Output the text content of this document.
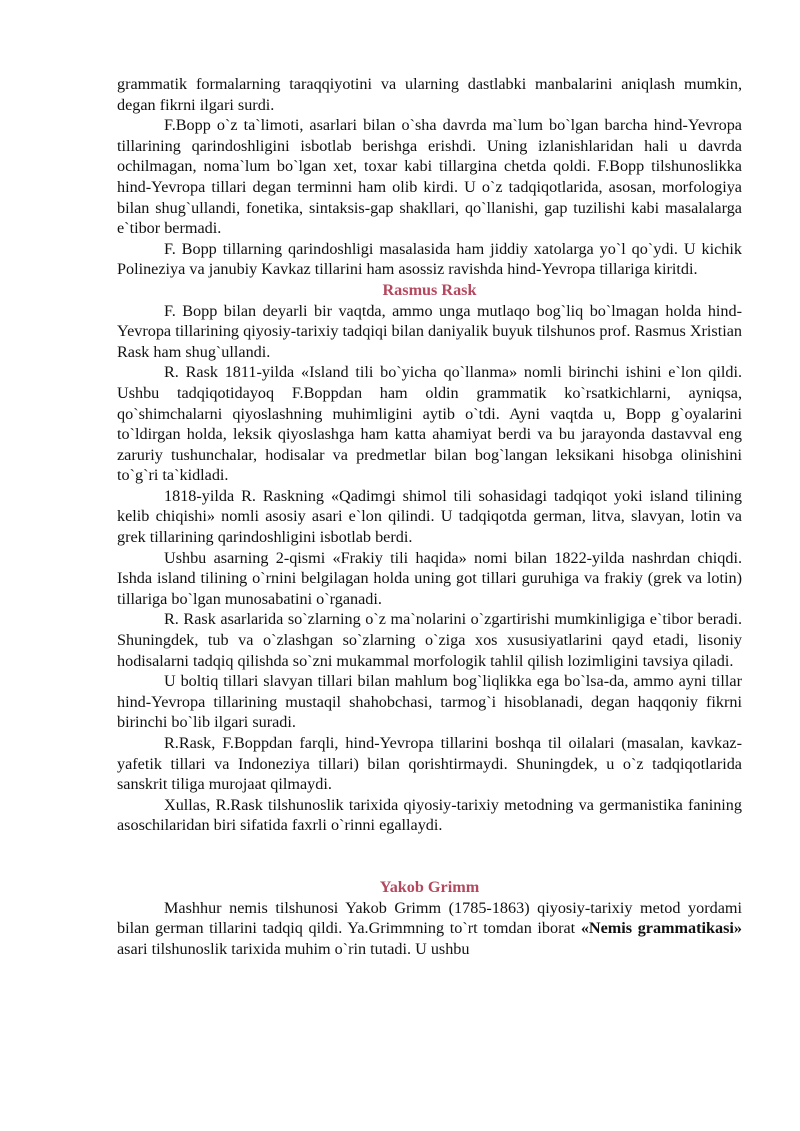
grammatik formalarning taraqqiyotini va ularning dastlabki manbalarini aniqlash mumkin, degan fikrni ilgari surdi.

F.Bopp o`z ta`limoti, asarlari bilan o`sha davrda ma`lum bo`lgan barcha hind-Yevropa tillarining qarindoshligini isbotlab berishga erishdi. Uning izlanishlaridan hali u davrda ochilmagan, noma`lum bo`lgan xet, toxar kabi tillargina chetda qoldi. F.Bopp tilshunoslikka hind-Yevropa tillari degan terminni ham olib kirdi. U o`z tadqiqotlarida, asosan, morfologiya bilan shug`ullandi, fonetika, sintaksis-gap shakllari, qo`llanishi, gap tuzilishi kabi masalalarga e`tibor bermadi.

F. Bopp tillarning qarindoshligi masalasida ham jiddiy xatolarga yo`l qo`ydi. U kichik Polineziya va janubiy Kavkaz tillarini ham asossiz ravishda hind-Yevropa tillariga kiritdi.

Rasmus Rask

F. Bopp bilan deyarli bir vaqtda, ammo unga mutlaqo bog`liq bo`lmagan holda hind-Yevropa tillarining qiyosiy-tarixiy tadqiqi bilan daniyalik buyuk tilshunos prof. Rasmus Xristian Rask ham shug`ullandi.

R. Rask 1811-yilda «Island tili bo`yicha qo`llanma» nomli birinchi ishini e`lon qildi. Ushbu tadqiqotidayoq F.Boppdan ham oldin grammatik ko`rsatkichlarni, ayniqsa, qo`shimchalarni qiyoslashning muhimligini aytib o`tdi. Ayni vaqtda u, Bopp g`oyalarini to`ldirgan holda, leksik qiyoslashga ham katta ahamiyat berdi va bu jarayonda dastavval eng zaruriy tushunchalar, hodisalar va predmetlar bilan bog`langan leksikani hisobga olinishini to`g`ri ta`kidladi.

1818-yilda R. Raskning «Qadimgi shimol tili sohasidagi tadqiqot yoki island tilining kelib chiqishi» nomli asosiy asari e`lon qilindi. U tadqiqotda german, litva, slavyan, lotin va grek tillarining qarindoshligini isbotlab berdi.

Ushbu asarning 2-qismi «Frakiy tili haqida» nomi bilan 1822-yilda nashrdan chiqdi. Ishda island tilining o`rnini belgilagan holda uning got tillari guruhiga va frakiy (grek va lotin) tillariga bo`lgan munosabatini o`rganadi.

R. Rask asarlarida so`zlarning o`z ma`nolarini o`zgartirishi mumkinligiga e`tibor beradi. Shuningdek, tub va o`zlashgan so`zlarning o`ziga xos xususiyatlarini qayd etadi, lisoniy hodisalarni tadqiq qilishda so`zni mukammal morfologik tahlil qilish lozimligini tavsiya qiladi.

U boltiq tillari slavyan tillari bilan mahlum bog`liqlikka ega bo`lsa-da, ammo ayni tillar hind-Yevropa tillarining mustaqil shahobchasi, tarmog`i hisoblanadi, degan haqqoniy fikrni birinchi bo`lib ilgari suradi.

R.Rask, F.Boppdan farqli, hind-Yevropa tillarini boshqa til oilalari (masalan, kavkaz-yafetik tillari va Indoneziya tillari) bilan qorishtirmaydi. Shuningdek, u o`z tadqiqotlarida sanskrit tiliga murojaat qilmaydi.

Xullas, R.Rask tilshunoslik tarixida qiyosiy-tarixiy metodning va germanistika fanining asoschilaridan biri sifatida faxrli o`rinni egallaydi.

Yakob Grimm

Mashhur nemis tilshunosi Yakob Grimm (1785-1863) qiyosiy-tarixiy metod yordami bilan german tillarini tadqiq qildi. Ya.Grimmning to`rt tomdan iborat «Nemis grammatikasi» asari tilshunoslik tarixida muhim o`rin tutadi. U ushbu
